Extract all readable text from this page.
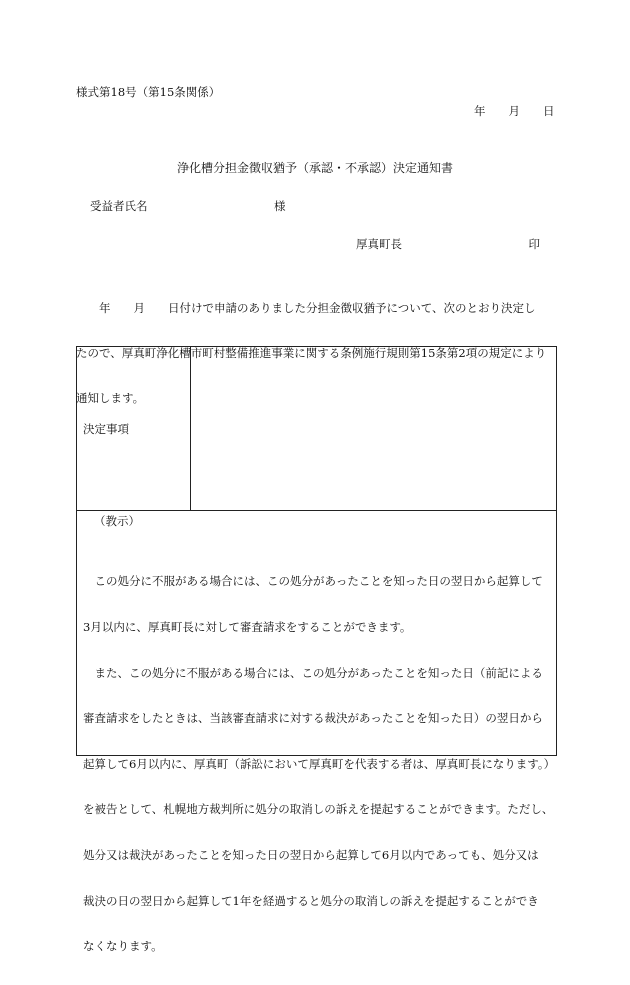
様式第18号（第15条関係）
年　　月　　日
浄化槽分担金徴収猶予（承認・不承認）決定通知書
受益者氏名　　　　　　　　　　　様
厚真町長　　　　　　　　　　　印

　　年　　月　　日付けで申請のありました分担金徴収猶予について、次のとおり決定し

たので、厚真町浄化槽市町村整備推進事業に関する条例施行規則第15条第2項の規定により

通知します。

決定事項
（教示）

　この処分に不服がある場合には、この処分があったことを知った日の翌日から起算して

3月以内に、厚真町長に対して審査請求をすることができます。

　また、この処分に不服がある場合には、この処分があったことを知った日（前記による

審査請求をしたときは、当該審査請求に対する裁決があったことを知った日）の翌日から

起算して6月以内に、厚真町（訴訟において厚真町を代表する者は、厚真町長になります。）

を被告として、札幌地方裁判所に処分の取消しの訴えを提起することができます。ただし、

処分又は裁決があったことを知った日の翌日から起算して6月以内であっても、処分又は

裁決の日の翌日から起算して1年を経過すると処分の取消しの訴えを提起することができ

なくなります。
